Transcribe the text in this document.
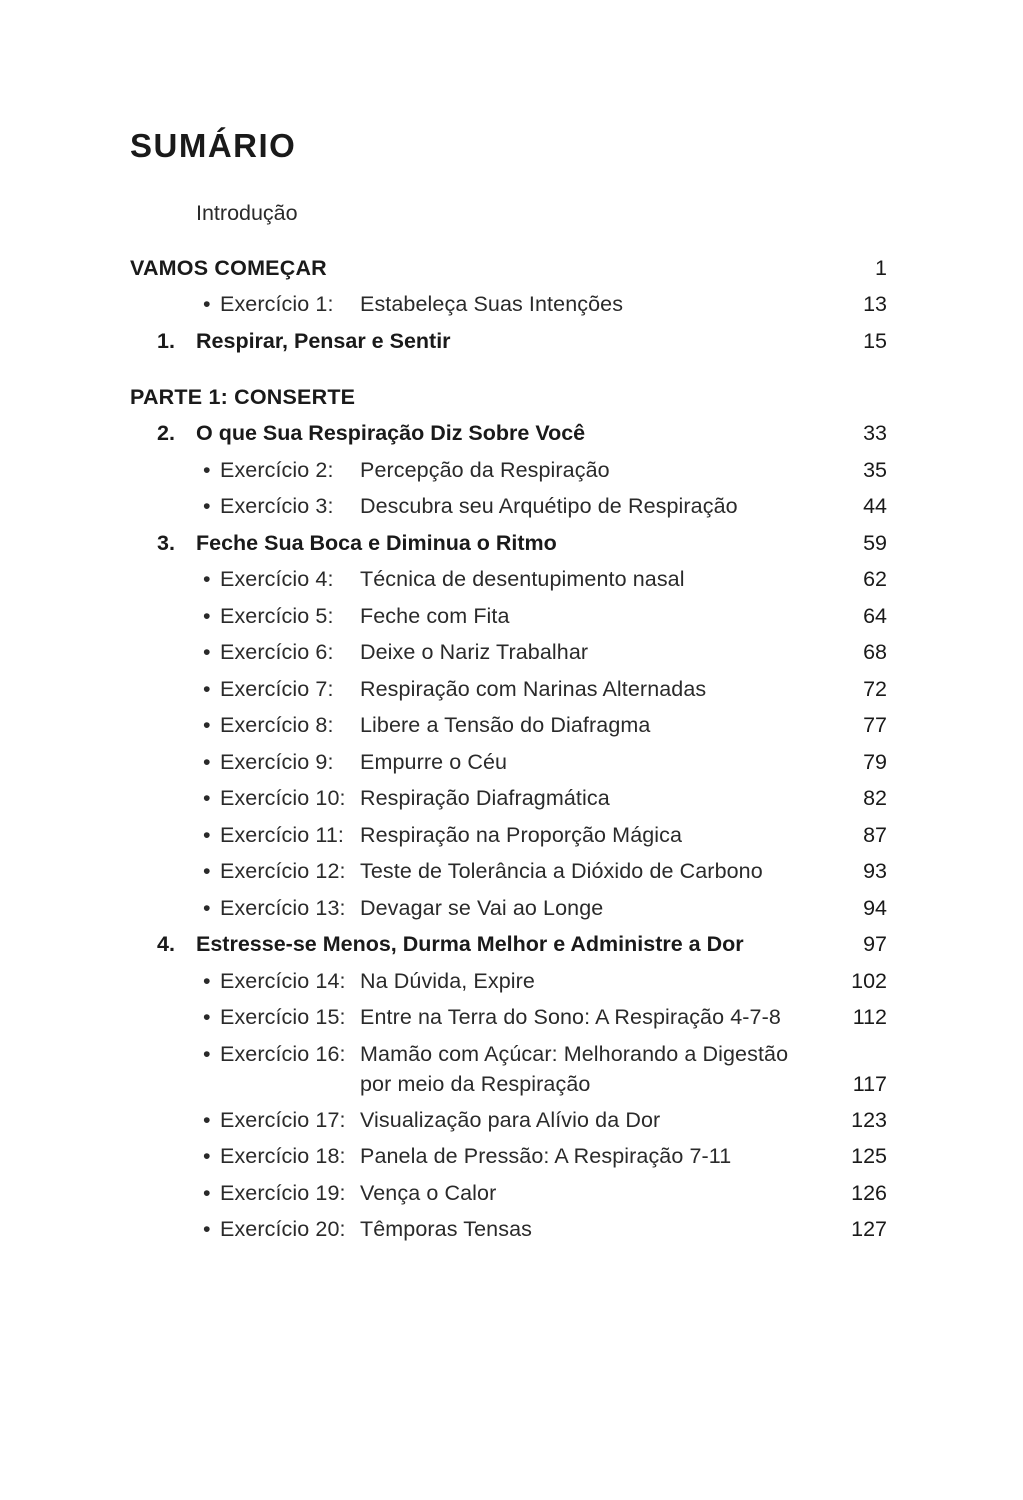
SUMÁRIO
Introdução
VAMOS COMEÇAR	1
• Exercício 1: Estabeleça Suas Intenções	13
1. Respirar, Pensar e Sentir	15
PARTE 1: CONSERTE
2. O que Sua Respiração Diz Sobre Você	33
• Exercício 2: Percepção da Respiração	35
• Exercício 3: Descubra seu Arquétipo de Respiração	44
3. Feche Sua Boca e Diminua o Ritmo	59
• Exercício 4: Técnica de desentupimento nasal	62
• Exercício 5: Feche com Fita	64
• Exercício 6: Deixe o Nariz Trabalhar	68
• Exercício 7: Respiração com Narinas Alternadas	72
• Exercício 8: Libere a Tensão do Diafragma	77
• Exercício 9: Empurre o Céu	79
• Exercício 10: Respiração Diafragmática	82
• Exercício 11: Respiração na Proporção Mágica	87
• Exercício 12: Teste de Tolerância a Dióxido de Carbono	93
• Exercício 13: Devagar se Vai ao Longe	94
4. Estresse-se Menos, Durma Melhor e Administre a Dor	97
• Exercício 14: Na Dúvida, Expire	102
• Exercício 15: Entre na Terra do Sono: A Respiração 4-7-8	112
• Exercício 16: Mamão com Açúcar: Melhorando a Digestão
por meio da Respiração	117
• Exercício 17: Visualização para Alívio da Dor	123
• Exercício 18: Panela de Pressão: A Respiração 7-11	125
• Exercício 19: Vença o Calor	126
• Exercício 20: Têmporas Tensas	127
